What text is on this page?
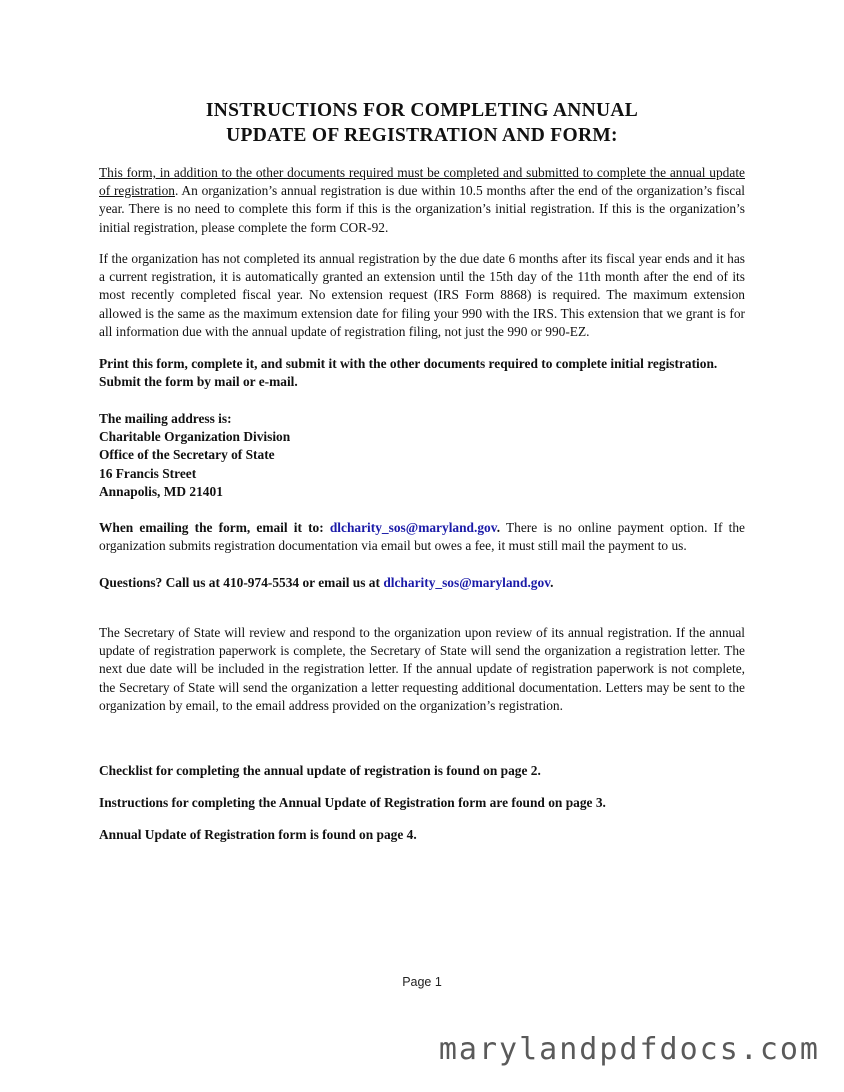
INSTRUCTIONS FOR COMPLETING ANNUAL
UPDATE OF REGISTRATION AND FORM:

This form, in addition to the other documents required must be completed and submitted to complete the annual update of registration. An organization’s annual registration is due within 10.5 months after the end of the organization’s fiscal year. There is no need to complete this form if this is the organization’s initial registration. If this is the organization’s initial registration, please complete the form COR-92.

If the organization has not completed its annual registration by the due date 6 months after its fiscal year ends and it has a current registration, it is automatically granted an extension until the 15th day of the 11th month after the end of its most recently completed fiscal year. No extension request (IRS Form 8868) is required. The maximum extension allowed is the same as the maximum extension date for filing your 990 with the IRS. This extension that we grant is for all information due with the annual update of registration filing, not just the 990 or 990-EZ.

Print this form, complete it, and submit it with the other documents required to complete initial registration.
Submit the form by mail or e-mail.
The mailing address is:
Charitable Organization Division
Office of the Secretary of State
16 Francis Street
Annapolis, MD 21401

When emailing the form, email it to: dlcharity_sos@maryland.gov. There is no online payment option. If the organization submits registration documentation via email but owes a fee, it must still mail the payment to us.

Questions? Call us at 410-974-5534 or email us at dlcharity_sos@maryland.gov.

The Secretary of State will review and respond to the organization upon review of its annual registration. If the annual update of registration paperwork is complete, the Secretary of State will send the organization a registration letter. The next due date will be included in the registration letter. If the annual update of registration paperwork is not complete, the Secretary of State will send the organization a letter requesting additional documentation. Letters may be sent to the organization by email, to the email address provided on the organization’s registration.

Checklist for completing the annual update of registration is found on page 2.
Instructions for completing the Annual Update of Registration form are found on page 3.
Annual Update of Registration form is found on page 4.
Page 1
marylandpdfdocs.com
